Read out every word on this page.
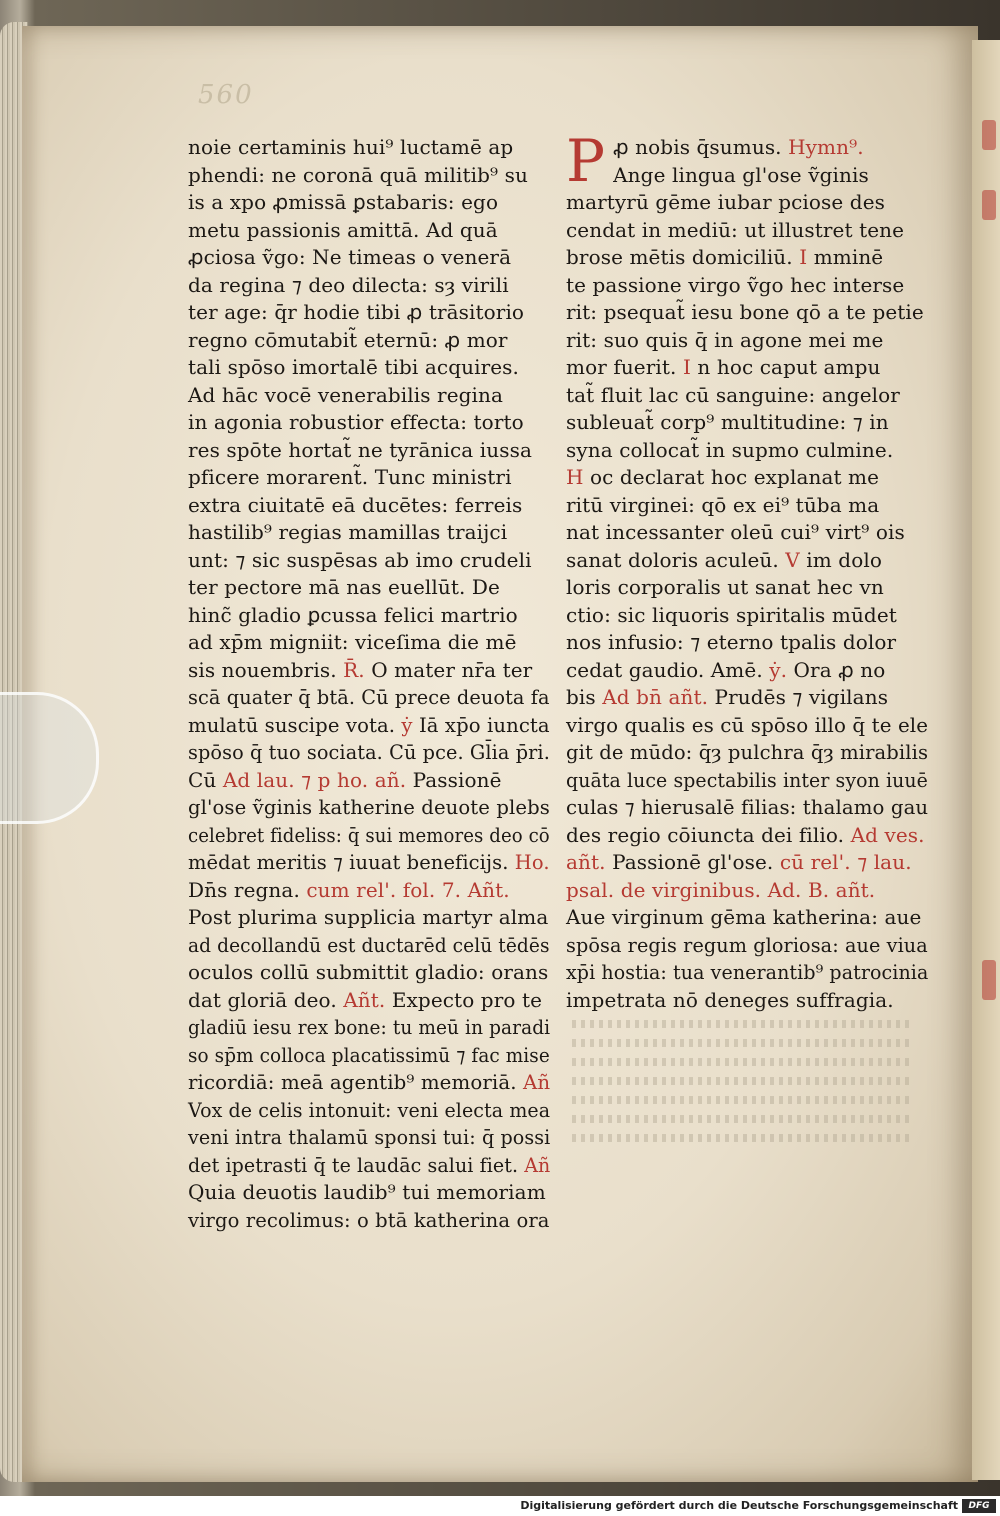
560
noie certaminis hui⁹ luctamē ap
phendi: ne coronā quā militib⁹ su
is a xpo ꝓmissā ꝑstabaris: ego
metu passionis amittā. Ad quā
ꝓciosa ṽgo: Ne timeas o venerā
da regina ⁊ deo dilecta: sȝ virili
ter age: q̄r hodie tibi ꝓ trāsitorio
regno cōmutabit̃ eternū: ꝓ mor
tali spōso imortalē tibi acquires.
Ad hāc vocē venerabilis regina
in agonia robustior effecta: torto
res spōte hortat̃ ne tyrānica iussa
pficere morarent̃. Tunc ministri
extra ciuitatē eā ducētes: ferreis
hastilib⁹ regias mamillas traijci
unt: ⁊ sic suspēsas ab imo crudeli
ter pectore mā nas euellūt. De
hinc̃ gladio ꝑcussa felici martrio
ad xp̄m migniit: viceſima die mē
sis nouembris. R̄. O mater nr̄a ter
scā quater q̄ btā. Cū prece deuota fa
mulatū suscipe vota. ẏ Iā xp̄o iuncta
spōso q̄ tuo sociata. Cū pce. Gl̄ia p̄ri.
Cū Ad lau. ⁊ p ho. añ. Passionē
gl'ose ṽginis katherine deuote plebs
celebret fideliss: q̄ sui memores deo cō
mēdat meritis ⁊ iuuat beneficijs. Ho.
Dn̄s regna. cum rel'. fol. 7. Añt.
Post plurima supplicia martyr alma
ad decollandū est ductarēd celū tēdēs
oculos collū submittit gladio: orans
dat gloriā deo. Añt. Expecto pro te
gladiū iesu rex bone: tu meū in paradi
so sp̄m colloca placatissimū ⁊ fac mise
ricordiā: meā agentib⁹ memoriā. Añ
Vox de celis intonuit: veni electa mea
veni intra thalamū sponsi tui: q̄ possi
det ipetrasti q̄ te laudāc salui fiet. Añ
Quia deuotis laudib⁹ tui memoriam
virgo recolimus: o btā katherina ora
P ꝓ nobis q̄sumus. Hymn⁹.
Ange lingua gl'ose ṽginis
martyrū gēme iubar pciose des
cendat in mediū: ut illustret tene
brose mētis domiciliū. I mminē
te passione virgo ṽgo hec interse
rit: psequat̃ iesu bone qō a te petie
rit: suo quis q̄ in agone mei me
mor fuerit. I n hoc caput ampu
tat̃ fluit lac cū sanguine: angelor
subleuat̃ corp⁹ multitudine: ⁊ in
syna collocat̃ in supmo culmine.
H oc declarat hoc explanat me
ritū virginei: qō ex ei⁹ tūba ma
nat incessanter oleū cui⁹ virt⁹ ois
sanat doloris aculeū. V im dolo
loris corporalis ut sanat hec vn
ctio: sic liquoris spiritalis mūdet
nos infusio: ⁊ eterno tpalis dolor
cedat gaudio. Amē. ẏ. Ora ꝓ no
bis Ad bn̄ añt. Prudēs ⁊ vigilans
virgo qualis es cū spōso illo q̄ te ele
git de mūdo: q̄ȝ pulchra q̄ȝ mirabilis
quāta luce spectabilis inter syon iuuē
culas ⁊ hierusalē filias: thalamo gau
des regio cōiuncta dei filio. Ad ves.
añt. Passionē gl'ose. cū rel'. ⁊ lau.
psal. de virginibus. Ad. B. añt.
Aue virginum gēma katherina: aue
spōsa regis regum gloriosa: aue viua
xp̄i hostia: tua venerantib⁹ patrocinia
impetrata nō deneges suffragia.
Digitalisierung gefördert durch die Deutsche Forschungsgemeinschaft	DFG
